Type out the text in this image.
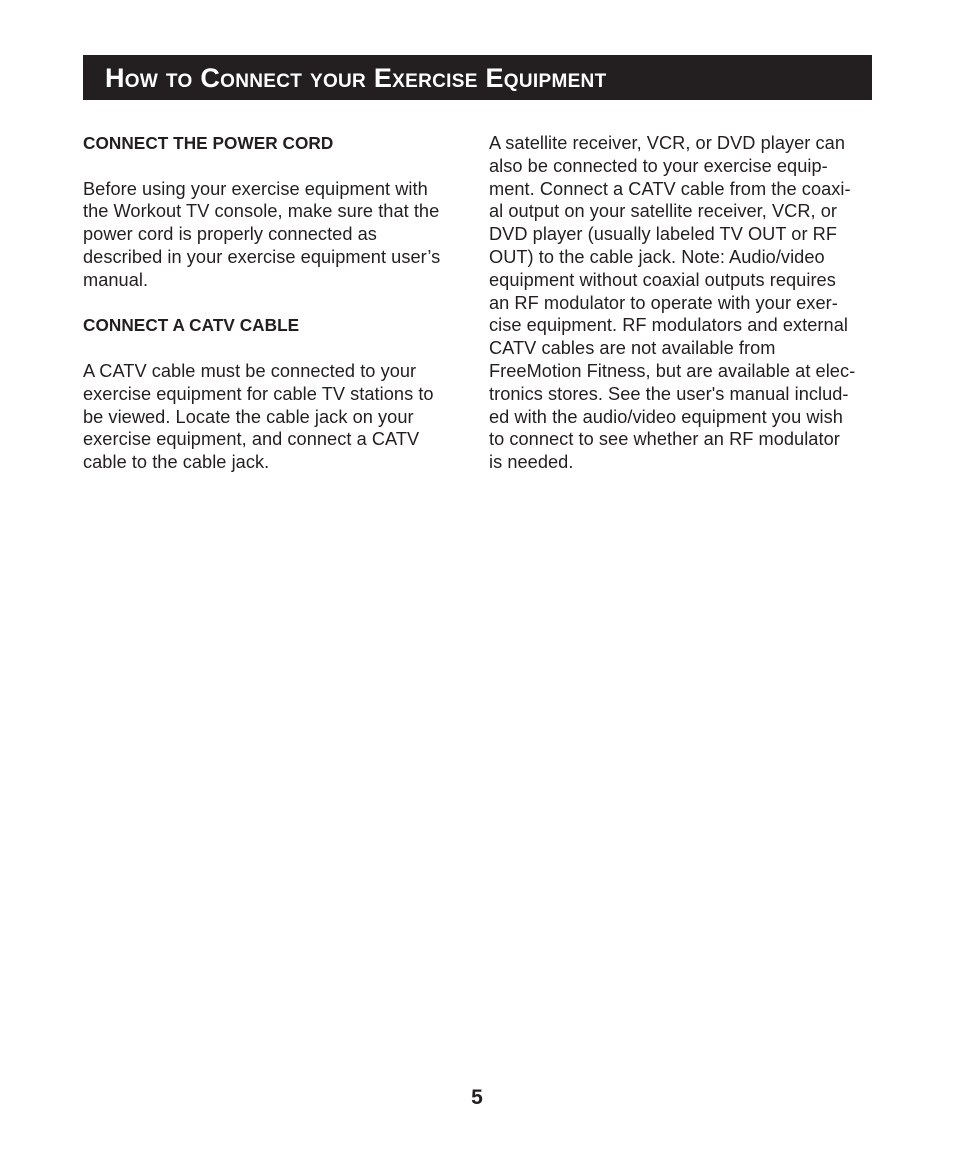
How to Connect your Exercise Equipment
CONNECT THE POWER CORD
Before using your exercise equipment with
the Workout TV console, make sure that the
power cord is properly connected as
described in your exercise equipment user’s
manual.
CONNECT A CATV CABLE
A CATV cable must be connected to your
exercise equipment for cable TV stations to
be viewed. Locate the cable jack on your
exercise equipment, and connect a CATV
cable to the cable jack.
A satellite receiver, VCR, or DVD player can
also be connected to your exercise equip-
ment. Connect a CATV cable from the coaxi-
al output on your satellite receiver, VCR, or
DVD player (usually labeled TV OUT or RF
OUT) to the cable jack. Note: Audio/video
equipment without coaxial outputs requires
an RF modulator to operate with your exer-
cise equipment. RF modulators and external
CATV cables are not available from
FreeMotion Fitness, but are available at elec-
tronics stores. See the user's manual includ-
ed with the audio/video equipment you wish
to connect to see whether an RF modulator
is needed.
5
